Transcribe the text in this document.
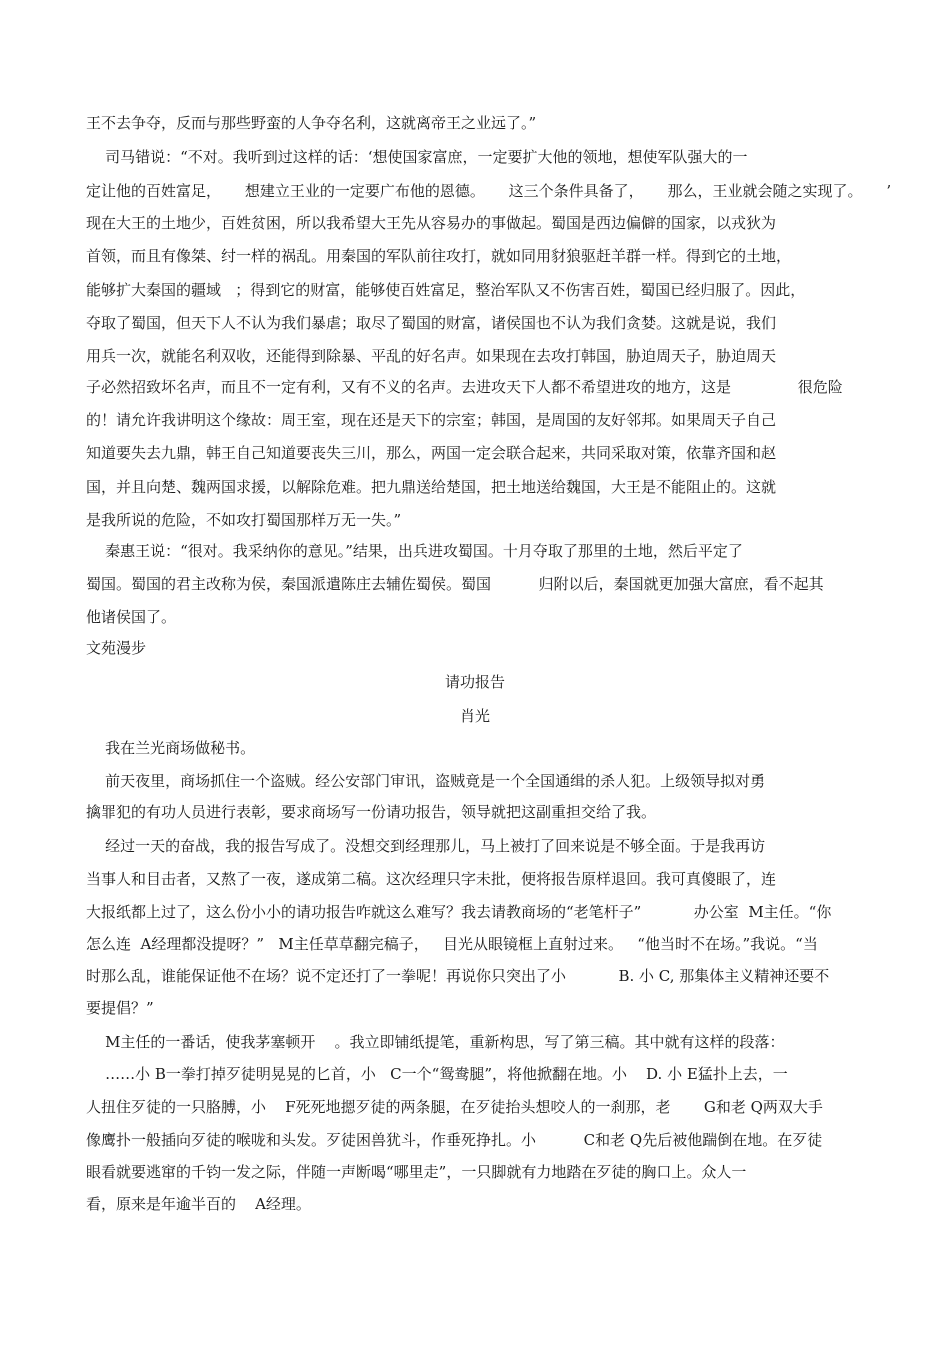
王不去争夺，反而与那些野蛮的人争夺名利，这就离帝王之业远了。”
司马错说：“不对。我听到过这样的话：‘想使国家富庶，一定要扩大他的领地，想使军队强大的一
定让他的百姓富足，     想建立王业的一定要广布他的恩德。     这三个条件具备了，     那么，王业就会随之实现了。     ’
现在大王的土地少，百姓贫困，所以我希望大王先从容易办的事做起。蜀国是西边偏僻的国家，以戎狄为
首领，而且有像桀、纣一样的祸乱。用秦国的军队前往攻打，就如同用豺狼驱赶羊群一样。得到它的土地，
能够扩大秦国的疆域   ；得到它的财富，能够使百姓富足，整治军队又不伤害百姓，蜀国已经归服了。因此，
夺取了蜀国，但天下人不认为我们暴虐；取尽了蜀国的财富，诸侯国也不认为我们贪婪。这就是说，我们
用兵一次，就能名利双收，还能得到除暴、平乱的好名声。如果现在去攻打韩国，胁迫周天子，胁迫周天
子必然招致坏名声，而且不一定有利，又有不义的名声。去进攻天下人都不希望进攻的地方，这是              很危险
的！请允许我讲明这个缘故：周王室，现在还是天下的宗室；韩国，是周国的友好邻邦。如果周天子自己
知道要失去九鼎，韩王自己知道要丧失三川，那么，两国一定会联合起来，共同采取对策，依靠齐国和赵
国，并且向楚、魏两国求援，以解除危难。把九鼎送给楚国，把土地送给魏国，大王是不能阻止的。这就
是我所说的危险，不如攻打蜀国那样万无一失。”
秦惠王说：“很对。我采纳你的意见。”结果，出兵进攻蜀国。十月夺取了那里的土地，然后平定了
蜀国。蜀国的君主改称为侯，秦国派遣陈庄去辅佐蜀侯。蜀国          归附以后，秦国就更加强大富庶，看不起其
他诸侯国了。
文苑漫步
请功报告
肖光
我在兰光商场做秘书。
前天夜里，商场抓住一个盗贼。经公安部门审讯，盗贼竟是一个全国通缉的杀人犯。上级领导拟对勇
擒罪犯的有功人员进行表彰，要求商场写一份请功报告，领导就把这副重担交给了我。
经过一天的奋战，我的报告写成了。没想交到经理那儿，马上被打了回来说是不够全面。于是我再访
当事人和目击者，又熬了一夜，遂成第二稿。这次经理只字未批，便将报告原样退回。我可真傻眼了，连
大报纸都上过了，这么份小小的请功报告咋就这么难写？我去请教商场的“老笔杆子”           办公室  M主任。“你
怎么连  A经理都没提呀？”   M主任草草翻完稿子，   目光从眼镜框上直射过来。   “他当时不在场。”我说。“当
时那么乱，谁能保证他不在场？说不定还打了一拳呢！再说你只突出了小           B. 小 C, 那集体主义精神还要不
要提倡？”
M主任的一番话，使我茅塞顿开    。我立即铺纸提笔，重新构思，写了第三稿。其中就有这样的段落：
……小 B一拳打掉歹徒明晃晃的匕首，小   C一个“鸳鸯腿”，将他掀翻在地。小    D. 小 E猛扑上去，一
人扭住歹徒的一只胳膊，小    F死死地摁歹徒的两条腿，在歹徒抬头想咬人的一刹那，老       G和老 Q两双大手
像鹰扑一般插向歹徒的喉咙和头发。歹徒困兽犹斗，作垂死挣扎。小          C和老 Q先后被他踹倒在地。在歹徒
眼看就要逃窜的千钧一发之际，伴随一声断喝“哪里走”，一只脚就有力地踏在歹徒的胸口上。众人一
看，原来是年逾半百的    A经理。
